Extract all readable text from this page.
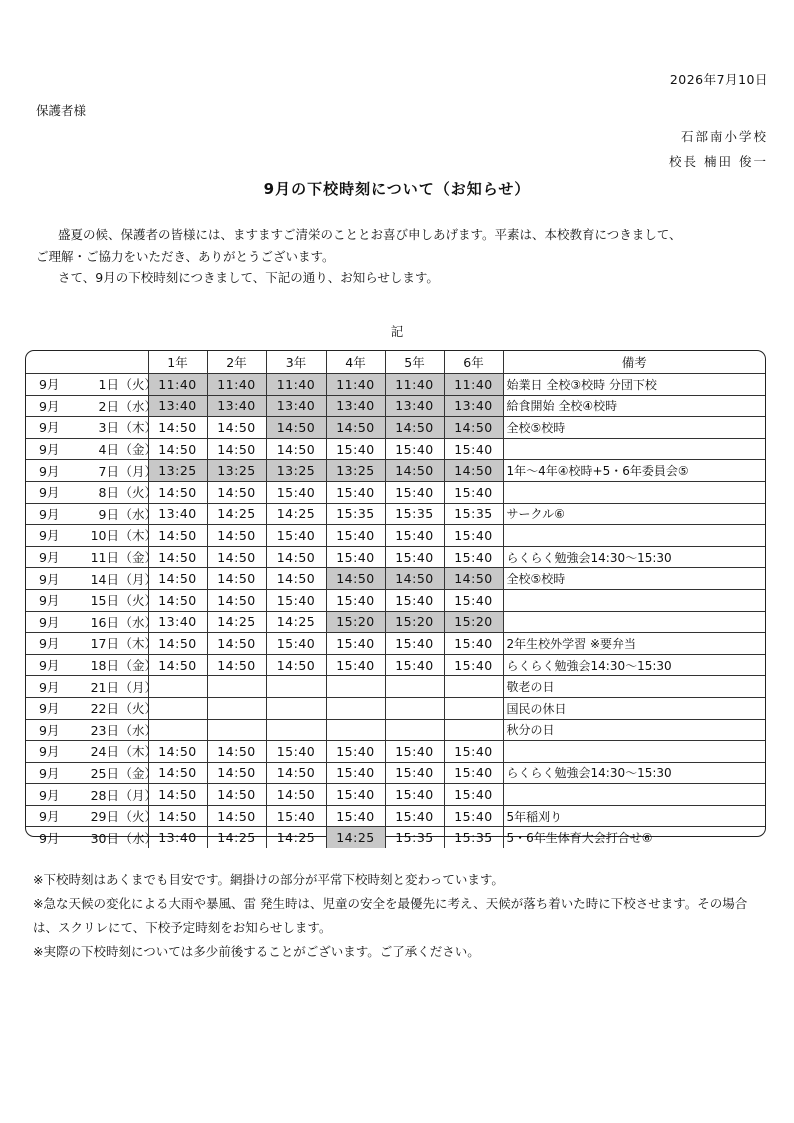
2026年7月10日
保護者様
石部南小学校
校長 楠田 俊一
9月の下校時刻について（お知らせ）

盛夏の候、保護者の皆様には、ますますご清栄のこととお喜び申しあげます。平素は、本校教育につきまして、

ご理解・ご協力をいただき、ありがとうございます。

さて、9月の下校時刻につきまして、下記の通り、お知らせします。

記
	1年	2年	3年	4年	5年	6年	備考
9月 1日（火）	11:40	11:40	11:40	11:40	11:40	11:40	始業日 全校③校時 分団下校
9月 2日（水）	13:40	13:40	13:40	13:40	13:40	13:40	給食開始 全校④校時
9月 3日（木）	14:50	14:50	14:50	14:50	14:50	14:50	全校⑤校時
9月 4日（金）	14:50	14:50	14:50	15:40	15:40	15:40	
9月 7日（月）	13:25	13:25	13:25	13:25	14:50	14:50	1年～4年④校時+5・6年委員会⑤
9月 8日（火）	14:50	14:50	15:40	15:40	15:40	15:40	
9月 9日（水）	13:40	14:25	14:25	15:35	15:35	15:35	サークル⑥
9月 10日（木）	14:50	14:50	15:40	15:40	15:40	15:40	
9月 11日（金）	14:50	14:50	14:50	15:40	15:40	15:40	らくらく勉強会14:30～15:30
9月 14日（月）	14:50	14:50	14:50	14:50	14:50	14:50	全校⑤校時
9月 15日（火）	14:50	14:50	15:40	15:40	15:40	15:40	
9月 16日（水）	13:40	14:25	14:25	15:20	15:20	15:20	
9月 17日（木）	14:50	14:50	15:40	15:40	15:40	15:40	2年生校外学習 ※要弁当
9月 18日（金）	14:50	14:50	14:50	15:40	15:40	15:40	らくらく勉強会14:30～15:30
9月 21日（月）							敬老の日
9月 22日（火）							国民の休日
9月 23日（水）							秋分の日
9月 24日（木）	14:50	14:50	15:40	15:40	15:40	15:40	
9月 25日（金）	14:50	14:50	14:50	15:40	15:40	15:40	らくらく勉強会14:30～15:30
9月 28日（月）	14:50	14:50	14:50	15:40	15:40	15:40	
9月 29日（火）	14:50	14:50	15:40	15:40	15:40	15:40	5年稲刈り
9月 30日（水）	13:40	14:25	14:25	14:25	15:35	15:35	5・6年生体育大会打合せ⑥

※下校時刻はあくまでも目安です。網掛けの部分が平常下校時刻と変わっています。

※急な天候の変化による大雨や暴風、雷 発生時は、児童の安全を最優先に考え、天候が落ち着いた時に下校させます。その場合

は、スクリレにて、下校予定時刻をお知らせします。

※実際の下校時刻については多少前後することがございます。ご了承ください。
